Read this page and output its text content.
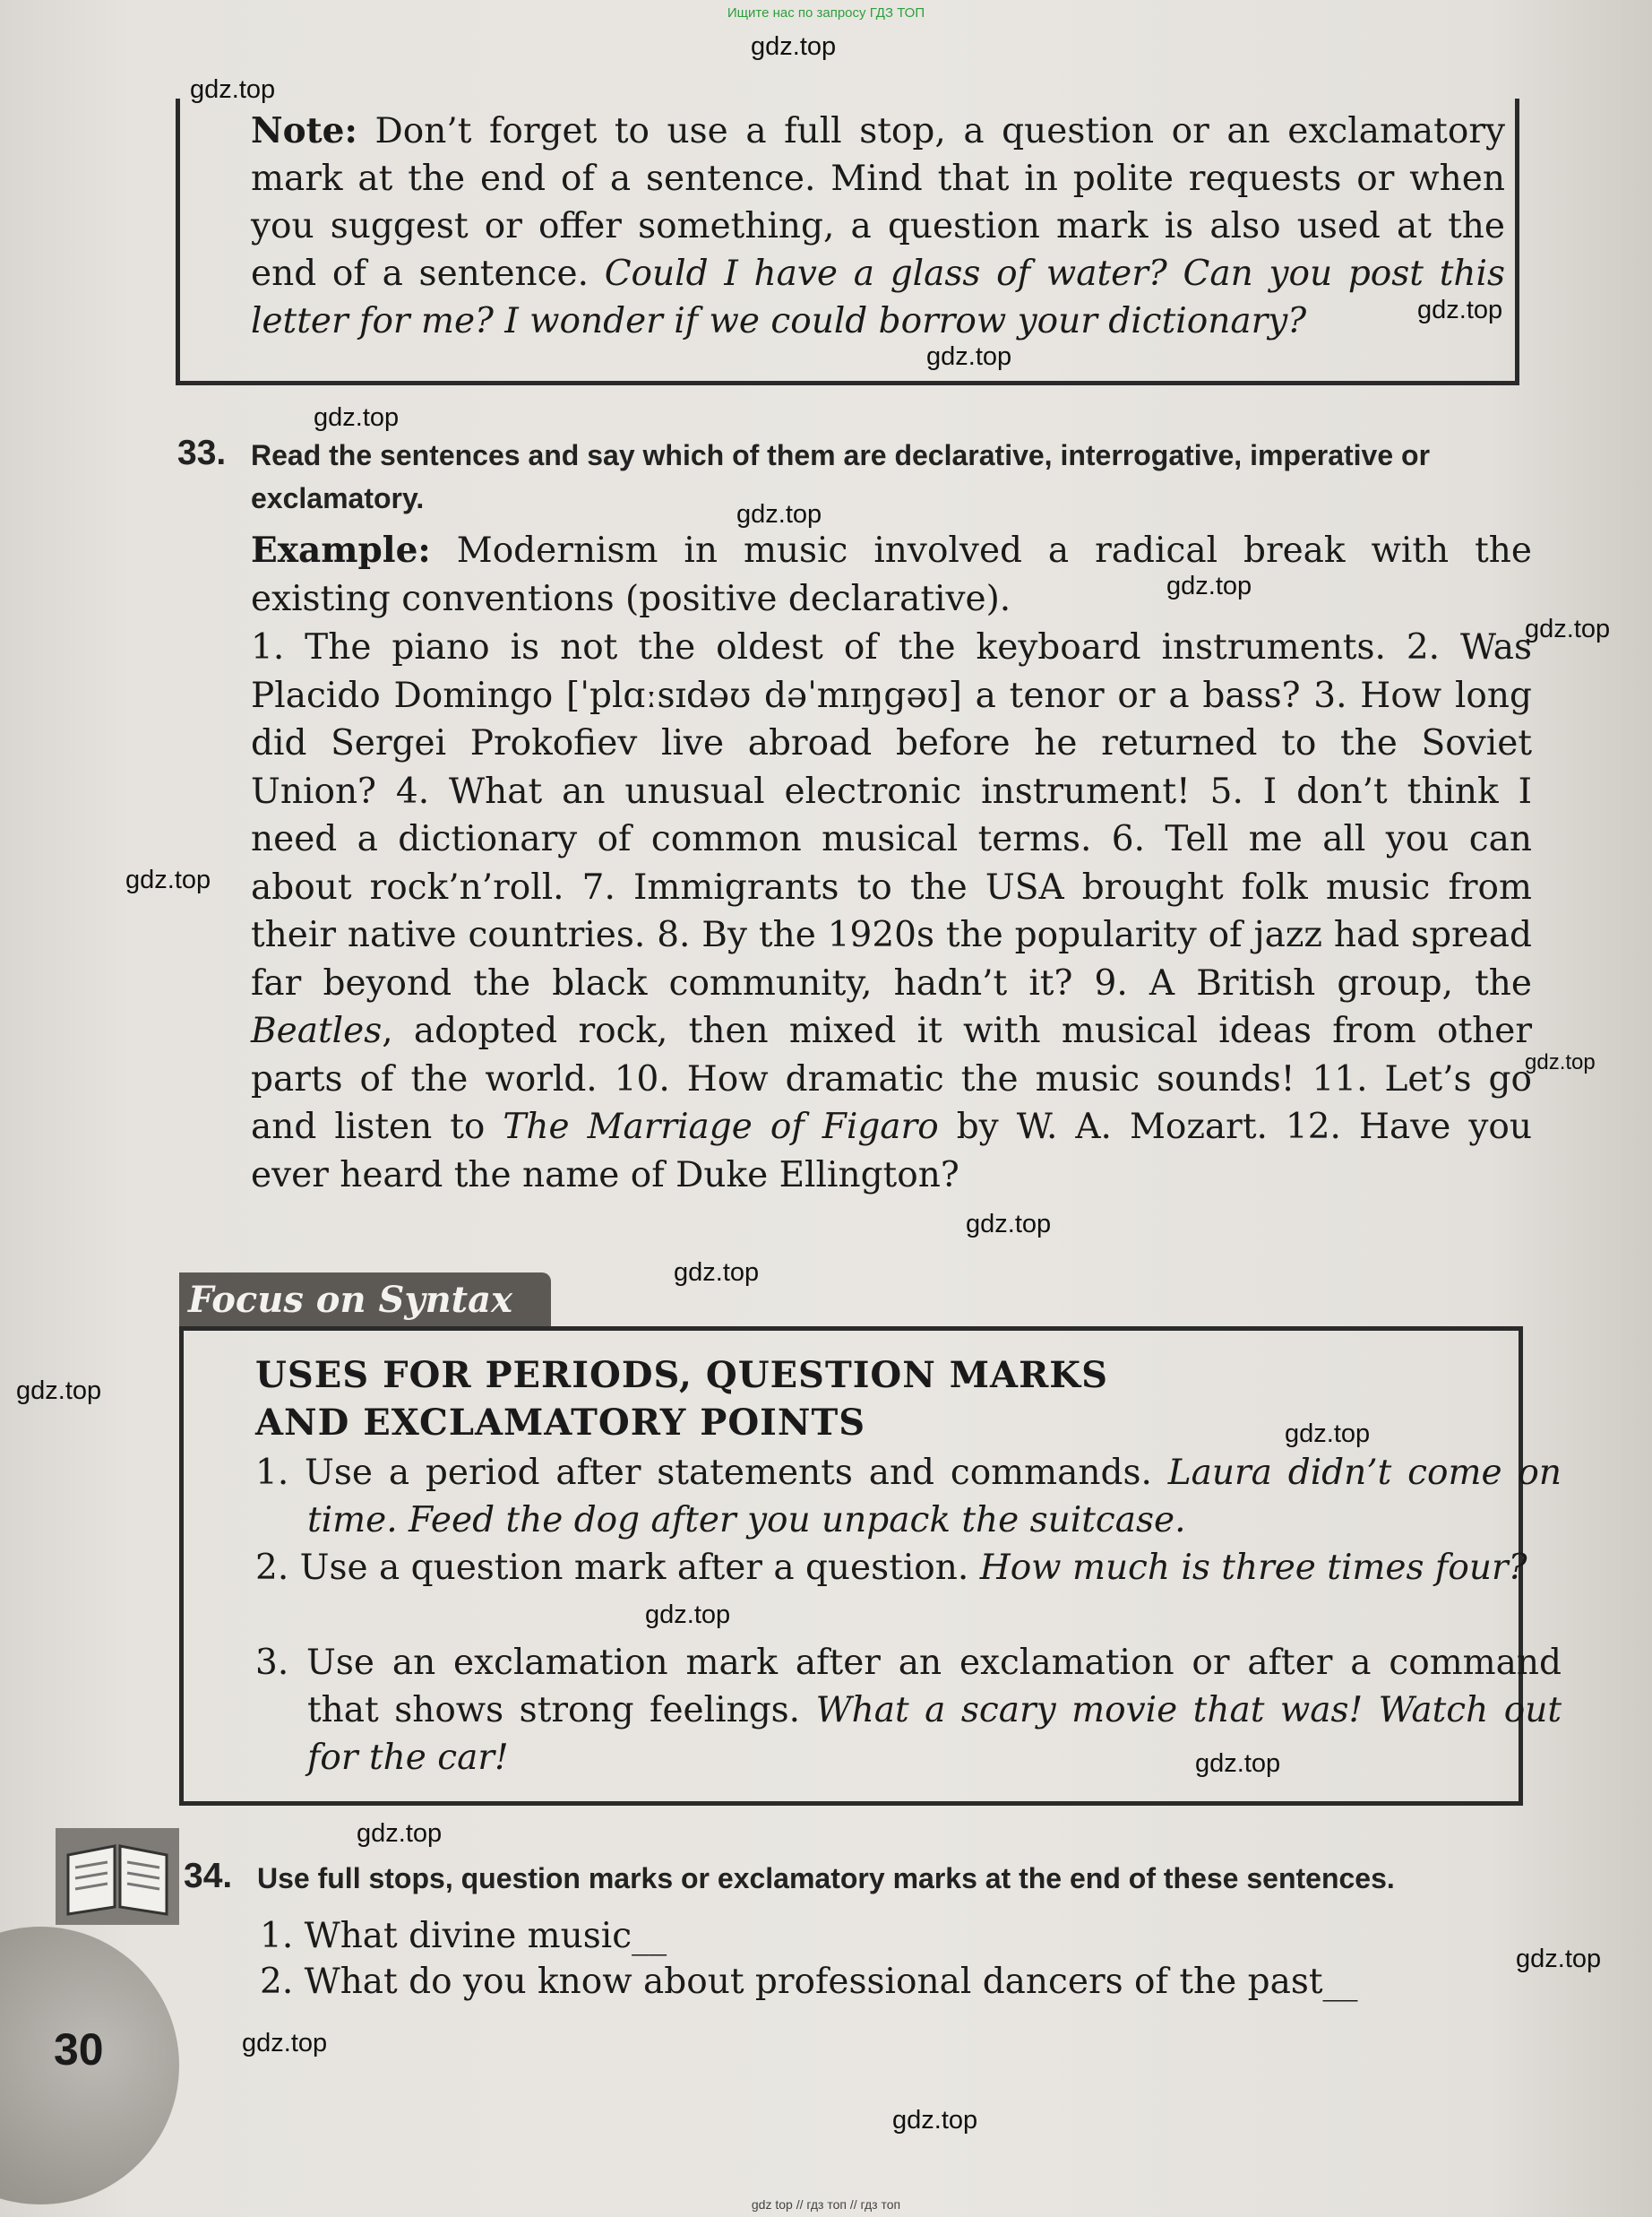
Ищите нас по запросу ГДЗ ТОП
Note: Don’t forget to use a full stop, a question or an exclamatory mark at the end of a sentence. Mind that in polite requests or when you suggest or offer something, a question mark is also used at the end of a sentence. Could I have a glass of water? Can you post this letter for me? I wonder if we could borrow your dictionary?
33. Read the sentences and say which of them are declarative, interrogative, imperative or exclamatory.
Example: Modernism in music involved a radical break with the existing conventions (positive declarative).
1. The piano is not the oldest of the keyboard instruments. 2. Was Placido Domingo [ˈplɑːsɪdəʊ dəˈmɪŋgəʊ] a tenor or a bass? 3. How long did Sergei Prokofiev live abroad before he returned to the Soviet Union? 4. What an unusual electronic instrument! 5. I don’t think I need a dictionary of common musical terms. 6. Tell me all you can about rock’n’roll. 7. Immigrants to the USA brought folk music from their native countries. 8. By the 1920s the popularity of jazz had spread far beyond the black community, hadn’t it? 9. A British group, the Beatles, adopted rock, then mixed it with musical ideas from other parts of the world. 10. How dramatic the music sounds! 11. Let’s go and listen to The Marriage of Figaro by W. A. Mozart. 12. Have you ever heard the name of Duke Ellington?
Focus on Syntax
USES FOR PERIODS, QUESTION MARKS
AND EXCLAMATORY POINTS
1. Use a period after statements and commands. Laura didn’t come on time. Feed the dog after you unpack the suitcase.
2. Use a question mark after a question. How much is three times four?
3. Use an exclamation mark after an exclamation or after a command that shows strong feelings. What a scary movie that was! Watch out for the car!
34. Use full stops, question marks or exclamatory marks at the end of these sentences.
1. What divine music__
2. What do you know about professional dancers of the past__
30
gdz.top
gdz.top
gdz.top
gdz.top
gdz.top
gdz.top
gdz.top
gdz.top
gdz.top
gdz.top
gdz.top
gdz.top
gdz.top
gdz.top
gdz.top
gdz.top
gdz.top
gdz.top
gdz.top
gdz.top
gdz top // гдз топ // гдз топ
